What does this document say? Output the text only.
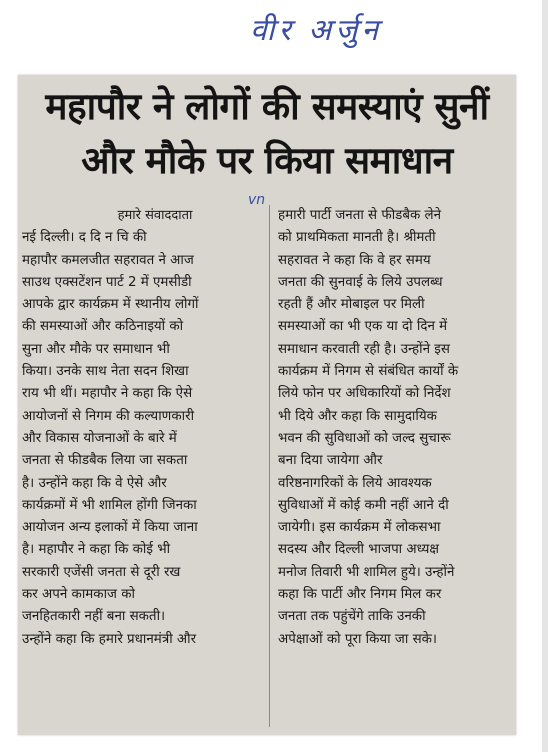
वीर अर्जुन
महापौर ने लोगों की समस्याएं सुनीं
और मौके पर किया समाधान
vn
हमारे संवाददाता
नई दिल्ली। द दि न चि की
महापौर कमलजीत सहरावत ने आज
साउथ एक्सटेंशन पार्ट 2 में एमसीडी
आपके द्वार कार्यक्रम में स्थानीय लोगों
की समस्याओं और कठिनाइयों को
सुना और मौके पर समाधान भी
किया। उनके साथ नेता सदन शिखा
राय भी थीं। महापौर ने कहा कि ऐसे
आयोजनों से निगम की कल्याणकारी
और विकास योजनाओं के बारे में
जनता से फीडबैक लिया जा सकता
है। उन्होंने कहा कि वे ऐसे और
कार्यक्रमों में भी शामिल होंगी जिनका
आयोजन अन्य इलाकों में किया जाना
है। महापौर ने कहा कि कोई भी
सरकारी एजेंसी जनता से दूरी रख
कर अपने कामकाज को
जनहितकारी नहीं बना सकती।
उन्होंने कहा कि हमारे प्रधानमंत्री और
हमारी पार्टी जनता से फीडबैक लेने
को प्राथमिकता मानती है। श्रीमती
सहरावत ने कहा कि वे हर समय
जनता की सुनवाई के लिये उपलब्ध
रहती हैं और मोबाइल पर मिली
समस्याओं का भी एक या दो दिन में
समाधान करवाती रही है। उन्होंने इस
कार्यक्रम में निगम से संबंधित कार्यों के
लिये फोन पर अधिकारियों को निर्देश
भी दिये और कहा कि सामुदायिक
भवन की सुविधाओं को जल्द सुचारू
बना दिया जायेगा और
वरिष्ठनागरिकों के लिये आवश्यक
सुविधाओं में कोई कमी नहीं आने दी
जायेगी। इस कार्यक्रम में लोकसभा
सदस्य और दिल्ली भाजपा अध्यक्ष
मनोज तिवारी भी शामिल हुये। उन्होंने
कहा कि पार्टी और निगम मिल कर
जनता तक पहुंचेंगे ताकि उनकी
अपेक्षाओं को पूरा किया जा सके।
